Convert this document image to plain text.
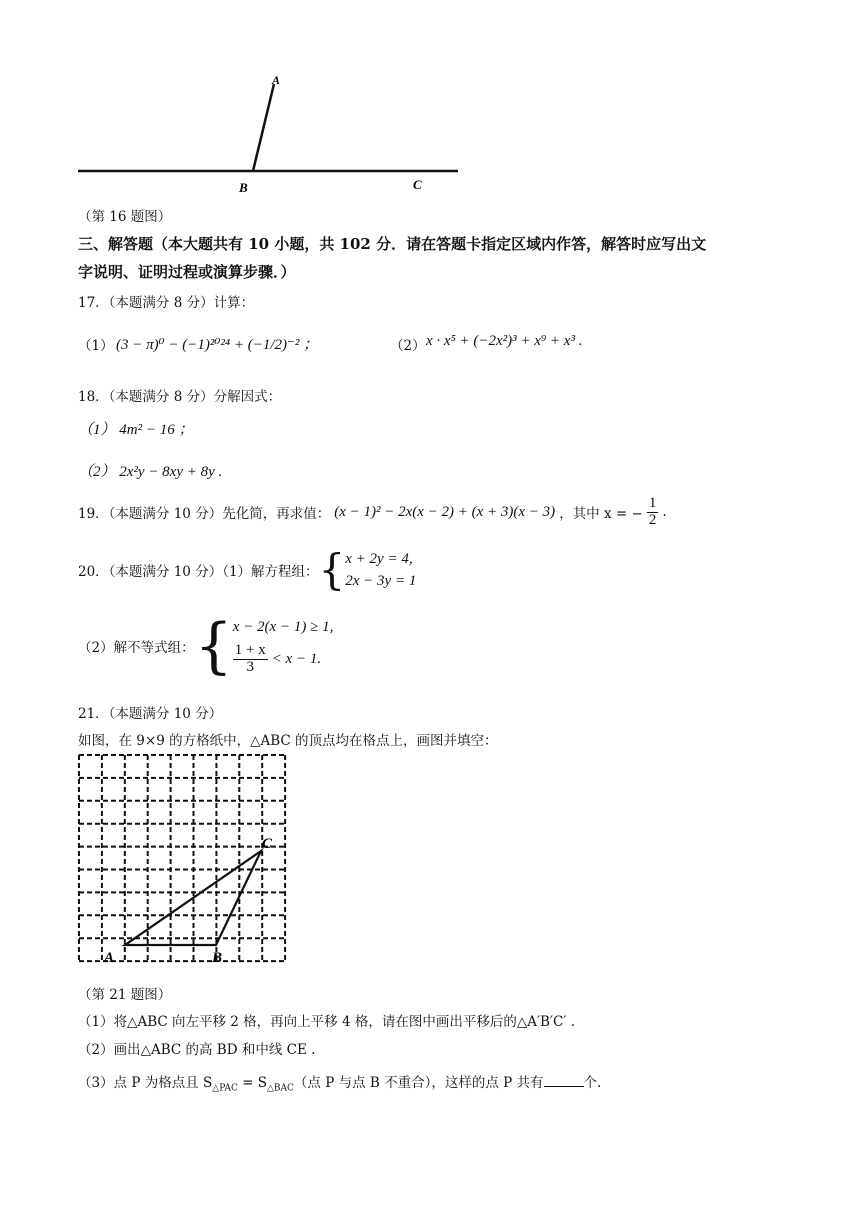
A
B	C
（第 16 题图）
三、解答题（本大题共有 10 小题，共 102 分．请在答题卡指定区域内作答，解答时应写出文
字说明、证明过程或演算步骤．）
17．（本题满分 8 分）计算：
（1） (3 − π)⁰ − (−1)²⁰²⁴ + (−1/2)⁻² ；	（2） x · x⁵ + (−2x²)³ + x⁹ + x³ .
18．（本题满分 8 分）分解因式：
（1） 4m² − 16 ；
（2） 2x²y − 8xy + 8y .
19．（本题满分 10 分）先化简，再求值： (x − 1)² − 2x(x − 2) + (x + 3)(x − 3) ，其中 x = − $\frac{1}{2}$ .
20．（本题满分 10 分）（1）解方程组： { x + 2y = 4,
2x − 3y = 1
（2）解不等式组： { x − 2(x − 1) ≥ 1,
$\frac{1 + x}{3} < x - 1$.
21．（本题满分 10 分）
如图，在 9×9 的方格纸中，△ABC 的顶点均在格点上，画图并填空：
A	B
C
（第 21 题图）
（1）将△ABC 向左平移 2 格，再向上平移 4 格，请在图中画出平移后的△A′B′C′ .
（2）画出△ABC 的高 BD 和中线 CE .
（3）点 P 为格点且 $S_{\triangle PAC} = S_{\triangle BAC}$（点 P 与点 B 不重合），这样的点 P 共有	个.
